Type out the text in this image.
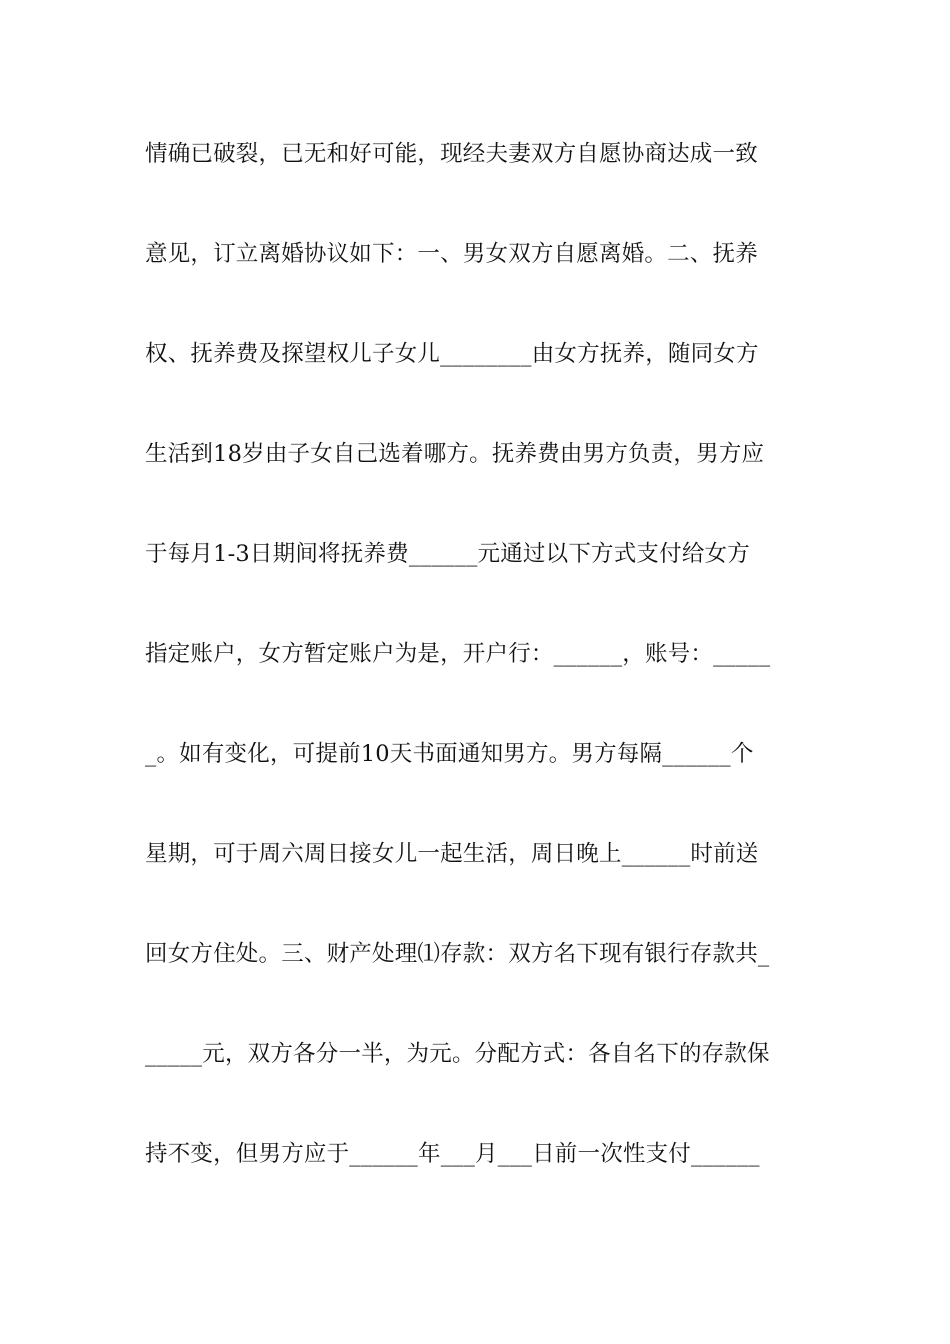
情确已破裂，已无和好可能，现经夫妻双方自愿协商达成一致
意见，订立离婚协议如下：一、男女双方自愿离婚。二、抚养
权、抚养费及探望权儿子女儿________由女方抚养，随同女方
生活到18岁由子女自己选着哪方。抚养费由男方负责，男方应
于每月1-3日期间将抚养费______元通过以下方式支付给女方
指定账户，女方暂定账户为是，开户行：______，账号：_____
_。如有变化，可提前10天书面通知男方。男方每隔______个
星期，可于周六周日接女儿一起生活，周日晚上______时前送
回女方住处。三、财产处理⑴存款：双方名下现有银行存款共_
_____元，双方各分一半，为元。分配方式：各自名下的存款保
持不变，但男方应于______年___月___日前一次性支付______
